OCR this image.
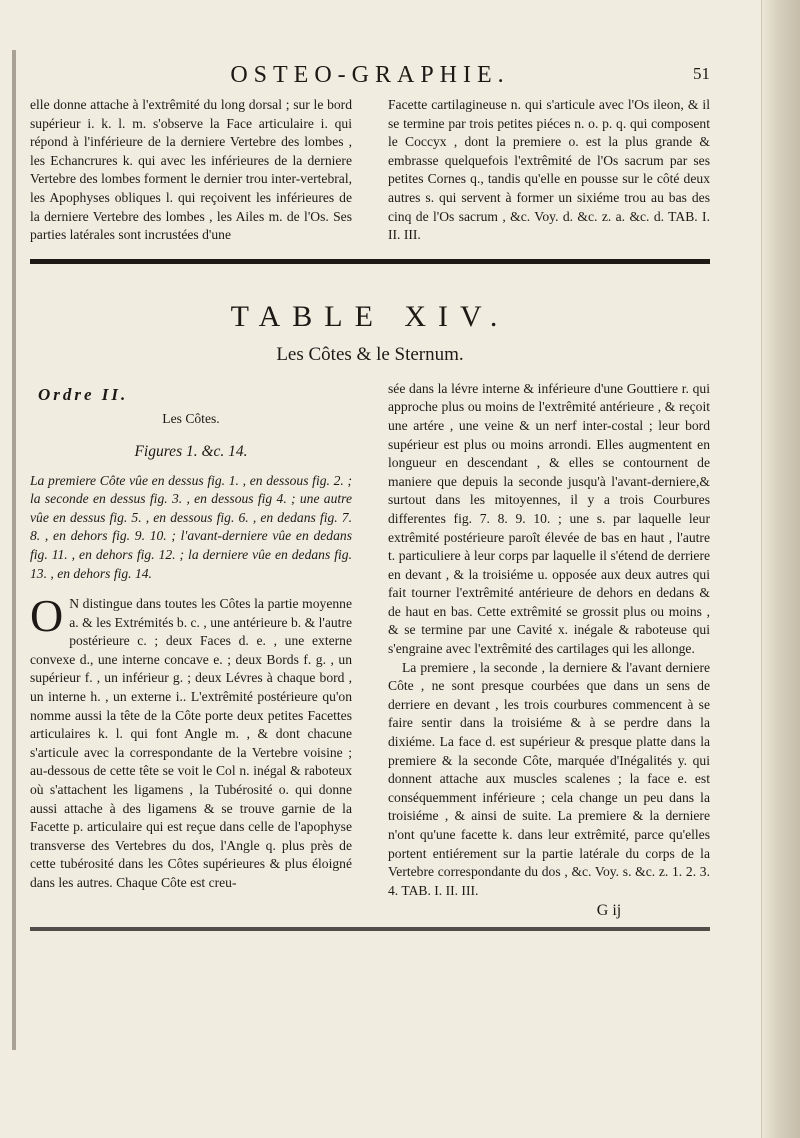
OSTEO-GRAPHIE.	51

elle donne attache à l'extrêmité du long dorsal ; sur le bord supérieur i. k. l. m. s'observe la Face articulaire i. qui répond à l'inférieure de la derniere Vertebre des lombes , les Echancrures k. qui avec les inférieures de la derniere Vertebre des lombes forment le dernier trou inter-vertebral, les Apophyses obliques l. qui reçoivent les inférieures de la derniere Vertebre des lombes , les Ailes m. de l'Os. Ses parties latérales sont incrustées d'une

Facette cartilagineuse n. qui s'articule avec l'Os ileon, & il se termine par trois petites piéces n. o. p. q. qui composent le Coccyx , dont la premiere o. est la plus grande & embrasse quelquefois l'extrêmité de l'Os sacrum par ses petites Cornes q., tandis qu'elle en pousse sur le côté deux autres s. qui servent à former un sixiéme trou au bas des cinq de l'Os sacrum , &c. Voy. d. &c. z. a. &c. d. TAB. I. II. III.

TABLE XIV.
Les Côtes & le Sternum.
Ordre II.
Les Côtes.
Figures 1. &c. 14.
La premiere Côte vûe en dessus fig. 1. , en dessous fig. 2. ; la seconde en dessus fig. 3. , en dessous fig 4. ; une autre vûe en dessus fig. 5. , en dessous fig. 6. , en dedans fig. 7. 8. , en dehors fig. 9. 10. ; l'avant-derniere vûe en dedans fig. 11. , en dehors fig. 12. ; la derniere vûe en dedans fig. 13. , en dehors fig. 14.

O N distingue dans toutes les Côtes la partie moyenne a. & les Extrémités b. c. , une antérieure b. & l'autre postérieure c. ; deux Faces d. e. , une externe convexe d., une interne concave e. ; deux Bords f. g. , un supérieur f. , un inférieur g. ; deux Lévres à chaque bord , un interne h. , un externe i.. L'extrêmité postérieure qu'on nomme aussi la tête de la Côte porte deux petites Facettes articulaires k. l. qui font Angle m. , & dont chacune s'articule avec la correspondante de la Vertebre voisine ; au-dessous de cette tête se voit le Col n. inégal & raboteux où s'attachent les ligamens , la Tubérosité o. qui donne aussi attache à des ligamens & se trouve garnie de la Facette p. articulaire qui est reçue dans celle de l'apophyse transverse des Vertebres du dos, l'Angle q. plus près de cette tubérosité dans les Côtes supérieures & plus éloigné dans les autres. Chaque Côte est creu-

sée dans la lévre interne & inférieure d'une Gouttiere r. qui approche plus ou moins de l'extrêmité antérieure , & reçoit une artére , une veine & un nerf inter-costal ; leur bord supérieur est plus ou moins arrondi. Elles augmentent en longueur en descendant , & elles se contournent de maniere que depuis la seconde jusqu'à l'avant-derniere,& surtout dans les mitoyennes, il y a trois Courbures differentes fig. 7. 8. 9. 10. ; une s. par laquelle leur extrêmité postérieure paroît élevée de bas en haut , l'autre t. particuliere à leur corps par laquelle il s'étend de derriere en devant , & la troisiéme u. opposée aux deux autres qui fait tourner l'extrêmité antérieure de dehors en dedans & de haut en bas. Cette extrêmité se grossit plus ou moins , & se termine par une Cavité x. inégale & raboteuse qui s'engraine avec l'extrêmité des cartilages qui les allonge.

La premiere , la seconde , la derniere & l'avant derniere Côte , ne sont presque courbées que dans un sens de derriere en devant , les trois courbures commencent à se faire sentir dans la troisiéme & à se perdre dans la dixiéme. La face d. est supérieur & presque platte dans la premiere & la seconde Côte, marquée d'Inégalités y. qui donnent attache aux muscles scalenes ; la face e. est conséquemment inférieure ; cela change un peu dans la troisiéme , & ainsi de suite. La premiere & la derniere n'ont qu'une facette k. dans leur extrêmité, parce qu'elles portent entiérement sur la partie latérale du corps de la Vertebre correspondante du dos , &c. Voy. s. &c. z. 1. 2. 3. 4. TAB. I. II. III.

G ij
